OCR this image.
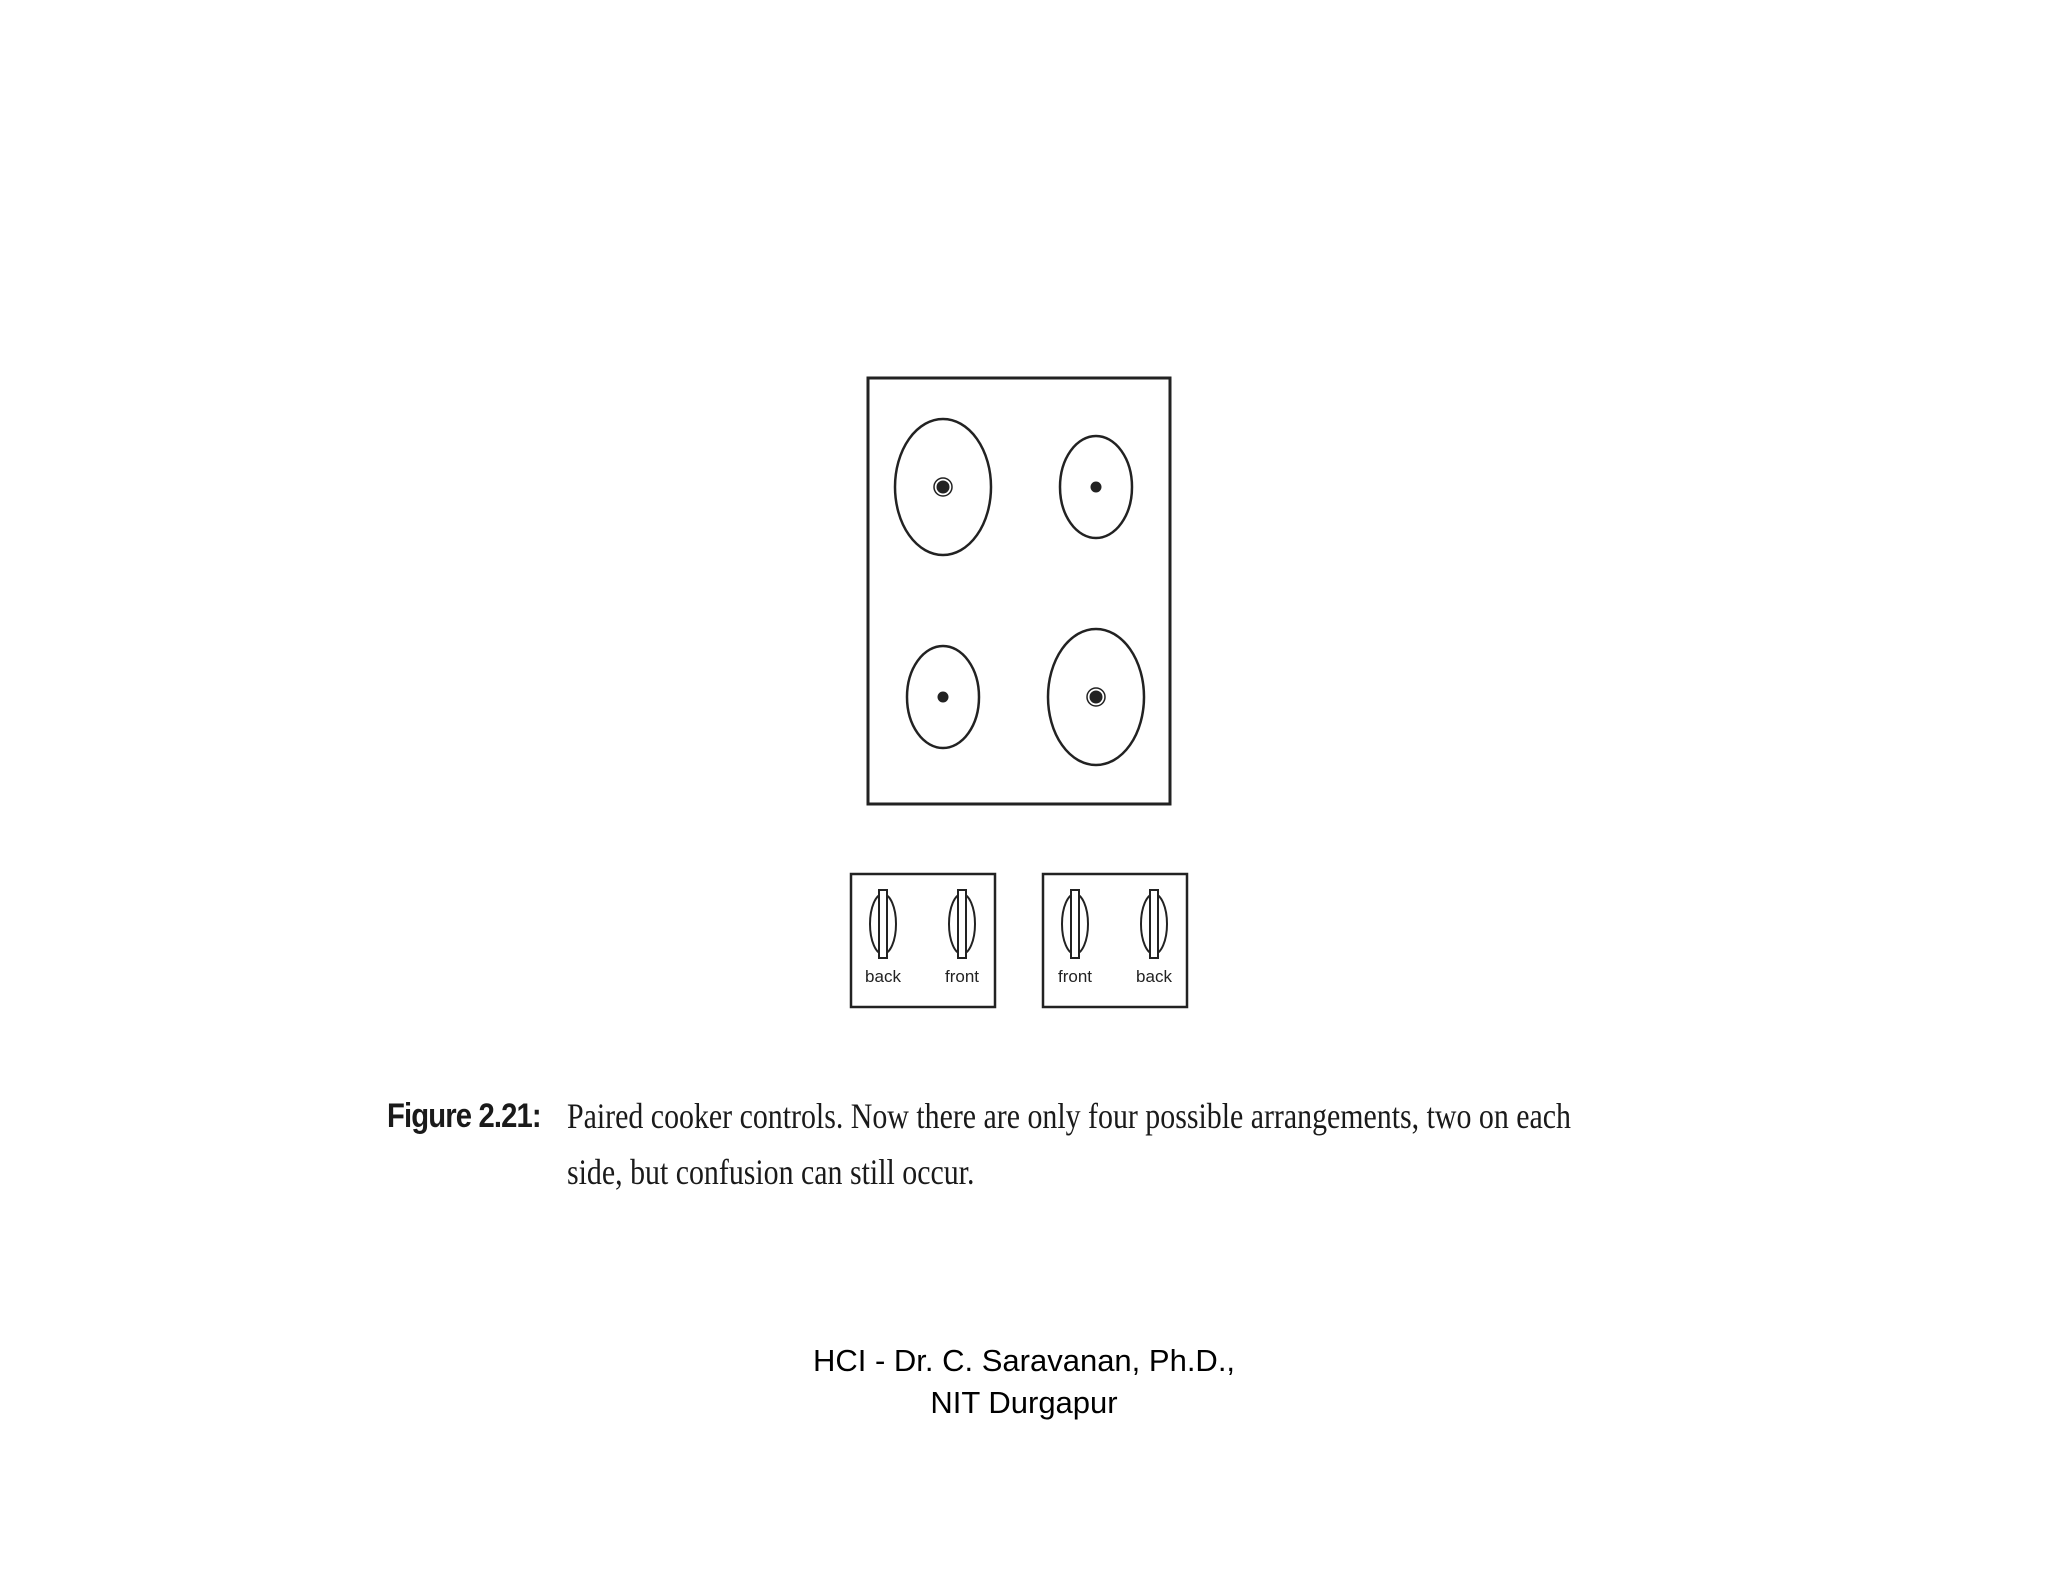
back	front	front	back
Figure 2.21: Paired cooker controls. Now there are only four possible arrangements, two on each
side, but confusion can still occur.
HCI - Dr. C. Saravanan, Ph.D.,
NIT Durgapur
